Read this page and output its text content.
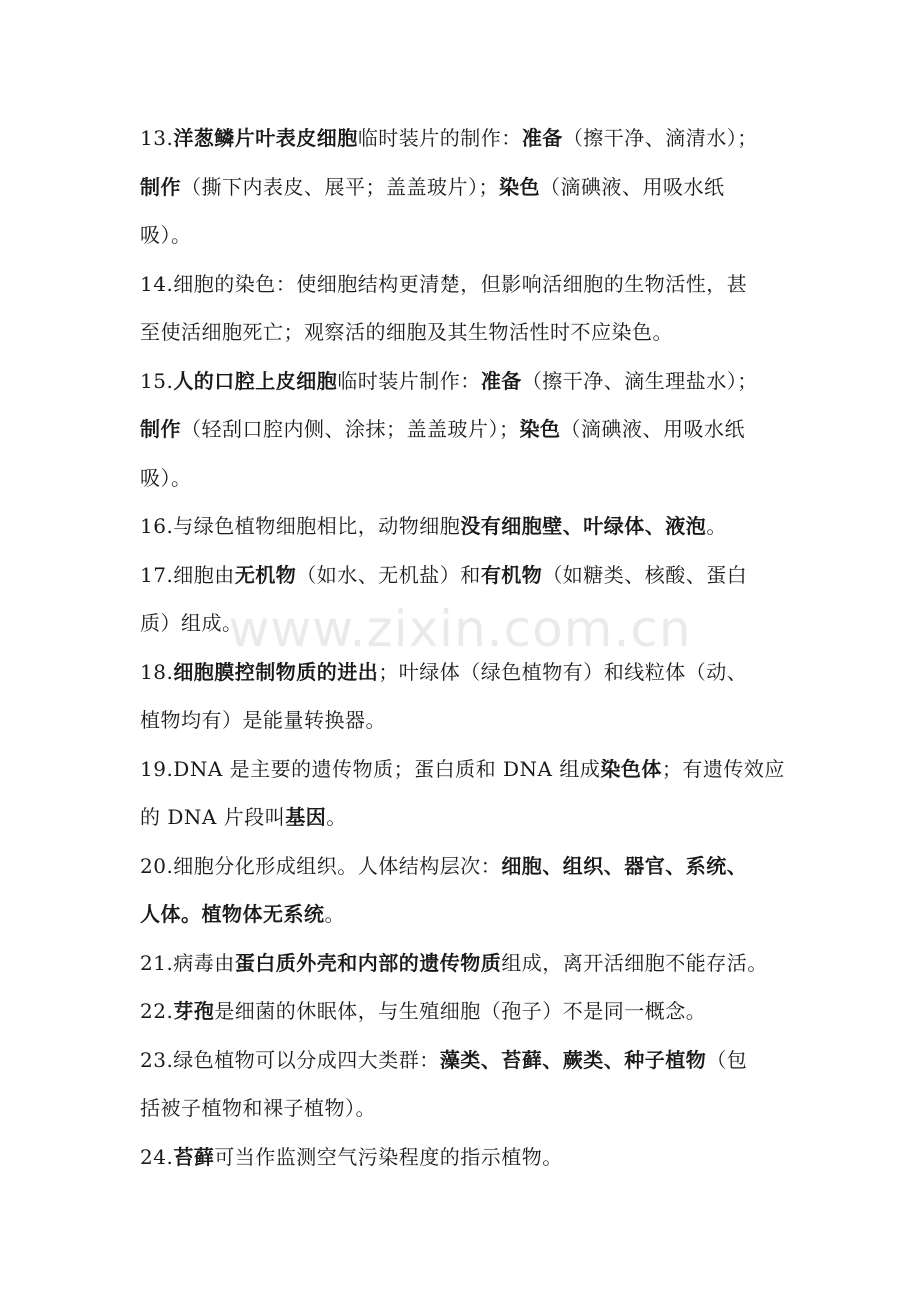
13.洋葱鳞片叶表皮细胞临时装片的制作：准备（擦干净、滴清水）；
制作（撕下内表皮、展平；盖盖玻片）；染色（滴碘液、用吸水纸
吸）。
14.细胞的染色：使细胞结构更清楚，但影响活细胞的生物活性，甚
至使活细胞死亡；观察活的细胞及其生物活性时不应染色。
15.人的口腔上皮细胞临时装片制作：准备（擦干净、滴生理盐水）；
制作（轻刮口腔内侧、涂抹；盖盖玻片）；染色（滴碘液、用吸水纸
吸）。
16.与绿色植物细胞相比，动物细胞没有细胞壁、叶绿体、液泡。
17.细胞由无机物（如水、无机盐）和有机物（如糖类、核酸、蛋白
质）组成。
18.细胞膜控制物质的进出；叶绿体（绿色植物有）和线粒体（动、
植物均有）是能量转换器。
19.DNA 是主要的遗传物质；蛋白质和 DNA 组成染色体；有遗传效应
的 DNA 片段叫基因。
20.细胞分化形成组织。人体结构层次：细胞、组织、器官、系统、
人体。植物体无系统。
21.病毒由蛋白质外壳和内部的遗传物质组成，离开活细胞不能存活。
22.芽孢是细菌的休眠体，与生殖细胞（孢子）不是同一概念。
23.绿色植物可以分成四大类群：藻类、苔藓、蕨类、种子植物（包
括被子植物和裸子植物）。
24.苔藓可当作监测空气污染程度的指示植物。
www.zixin.com.cn
